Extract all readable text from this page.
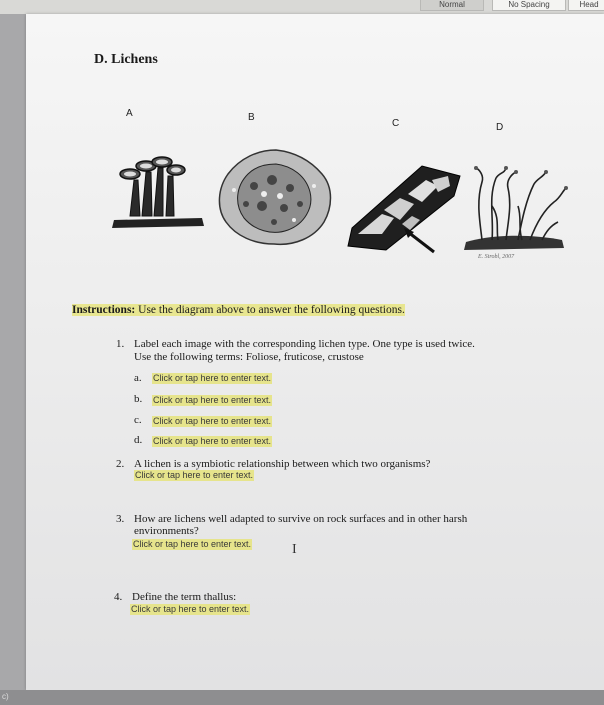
Normal	No Spacing	Head
D. Lichens
A	B
C	D
E. Strobl, 2007
Instructions: Use the diagram above to answer the following questions.
1. Label each image with the corresponding lichen type. One type is used twice.
Use the following terms: Foliose, fruticose, crustose
a. Click or tap here to enter text.
b. Click or tap here to enter text.
c. Click or tap here to enter text.
d. Click or tap here to enter text.
2. A lichen is a symbiotic relationship between which two organisms?
Click or tap here to enter text.
3. How are lichens well adapted to survive on rock surfaces and in other harsh
environments?
Click or tap here to enter text.	I
4. Define the term thallus:
Click or tap here to enter text.
c)
